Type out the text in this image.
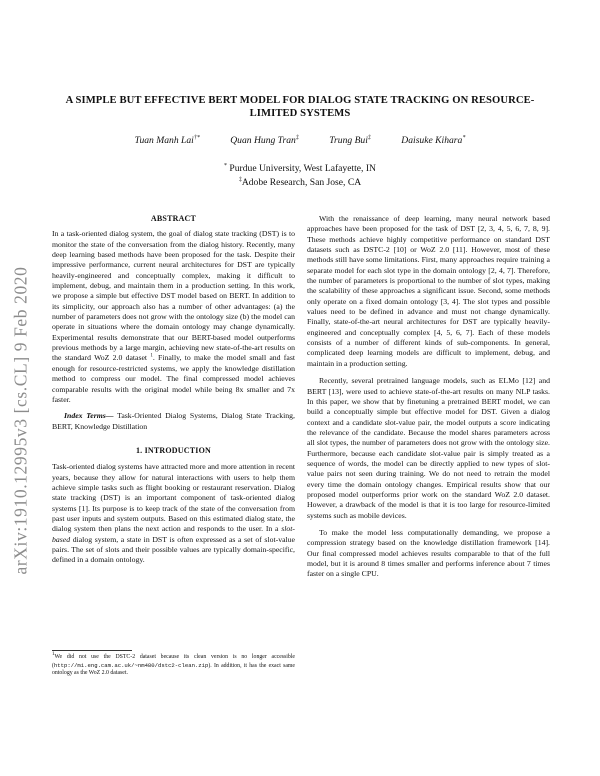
arXiv:1910.12995v3 [cs.CL] 9 Feb 2020
A SIMPLE BUT EFFECTIVE BERT MODEL FOR DIALOG STATE TRACKING ON RESOURCE-LIMITED SYSTEMS
Tuan Manh Lai†*	Quan Hung Tran‡	Trung Bui‡	Daisuke Kihara*
* Purdue University, West Lafayette, IN
‡Adobe Research, San Jose, CA
ABSTRACT

In a task-oriented dialog system, the goal of dialog state tracking (DST) is to monitor the state of the conversation from the dialog history. Recently, many deep learning based methods have been proposed for the task. Despite their impressive performance, current neural architectures for DST are typically heavily-engineered and conceptually complex, making it difficult to implement, debug, and maintain them in a production setting. In this work, we propose a simple but effective DST model based on BERT. In addition to its simplicity, our approach also has a number of other advantages: (a) the number of parameters does not grow with the ontology size (b) the model can operate in situations where the domain ontology may change dynamically. Experimental results demonstrate that our BERT-based model outperforms previous methods by a large margin, achieving new state-of-the-art results on the standard WoZ 2.0 dataset $^1$. Finally, to make the model small and fast enough for resource-restricted systems, we apply the knowledge distillation method to compress our model. The final compressed model achieves comparable results with the original model while being 8x smaller and 7x faster.

Index Terms— Task-Oriented Dialog Systems, Dialog State Tracking, BERT, Knowledge Distillation

1. INTRODUCTION

Task-oriented dialog systems have attracted more and more attention in recent years, because they allow for natural interactions with users to help them achieve simple tasks such as flight booking or restaurant reservation. Dialog state tracking (DST) is an important component of task-oriented dialog systems [1]. Its purpose is to keep track of the state of the conversation from past user inputs and system outputs. Based on this estimated dialog state, the dialog system then plans the next action and responds to the user. In a slot-based dialog system, a state in DST is often expressed as a set of slot-value pairs. The set of slots and their possible values are typically domain-specific, defined in a domain ontology.

With the renaissance of deep learning, many neural network based approaches have been proposed for the task of DST [2, 3, 4, 5, 6, 7, 8, 9]. These methods achieve highly competitive performance on standard DST datasets such as DSTC-2 [10] or WoZ 2.0 [11]. However, most of these methods still have some limitations. First, many approaches require training a separate model for each slot type in the domain ontology [2, 4, 7]. Therefore, the number of parameters is proportional to the number of slot types, making the scalability of these approaches a significant issue. Second, some methods only operate on a fixed domain ontology [3, 4]. The slot types and possible values need to be defined in advance and must not change dynamically. Finally, state-of-the-art neural architectures for DST are typically heavily-engineered and conceptually complex [4, 5, 6, 7]. Each of these models consists of a number of different kinds of sub-components. In general, complicated deep learning models are difficult to implement, debug, and maintain in a production setting.

Recently, several pretrained language models, such as ELMo [12] and BERT [13], were used to achieve state-of-the-art results on many NLP tasks. In this paper, we show that by finetuning a pretrained BERT model, we can build a conceptually simple but effective model for DST. Given a dialog context and a candidate slot-value pair, the model outputs a score indicating the relevance of the candidate. Because the model shares parameters across all slot types, the number of parameters does not grow with the ontology size. Furthermore, because each candidate slot-value pair is simply treated as a sequence of words, the model can be directly applied to new types of slot-value pairs not seen during training. We do not need to retrain the model every time the domain ontology changes. Empirical results show that our proposed model outperforms prior work on the standard WoZ 2.0 dataset. However, a drawback of the model is that it is too large for resource-limited systems such as mobile devices.

To make the model less computationally demanding, we propose a compression strategy based on the knowledge distillation framework [14]. Our final compressed model achieves results comparable to that of the full model, but it is around 8 times smaller and performs inference about 7 times faster on a single CPU.

1We did not use the DSTC-2 dataset because its clean version is no longer accessible (http://mi.eng.cam.ac.uk/~nm480/dstc2-clean.zip). In addition, it has the exact same ontology as the WoZ 2.0 dataset.
